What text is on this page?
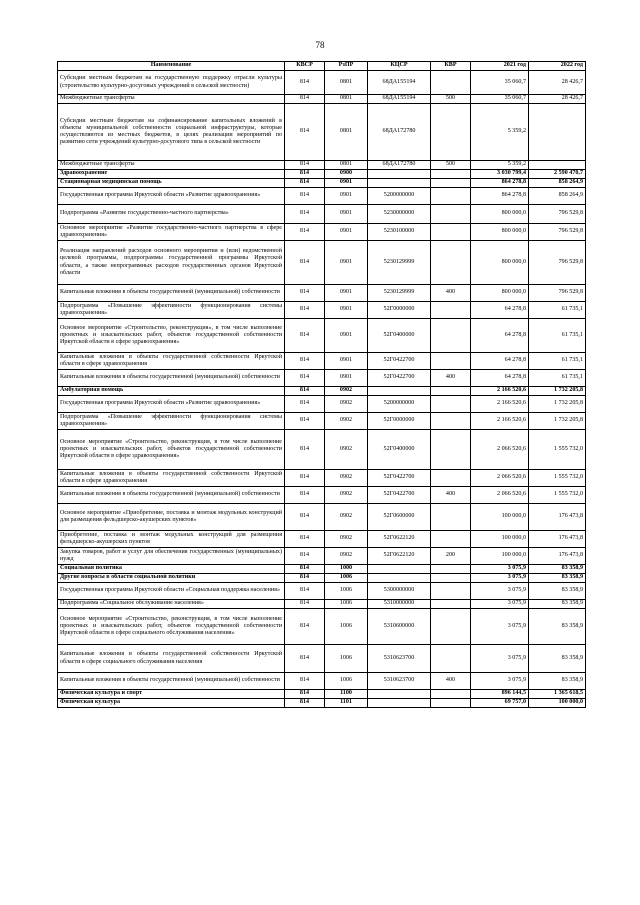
78
Наименование	КВСР	РзПР	КЦСР	КВР	2021 год	2022 год
Субсидии местным бюджетам на государственную поддержку отрасли культуры (строительство культурно-досуговых учреждений в сельской местности)	814	0801	68ДА155194		35 060,7	28 426,7
Межбюджетные трансферты	814	0801	68ДА155194	500	35 060,7	28 426,7
Субсидии местным бюджетам на софинансирование капитальных вложений в объекты муниципальной собственности социальной инфраструктуры, которые осуществляются из местных бюджетов, в целях реализации мероприятий по развитию сети учреждений культурно-досугового типа в сельской местности	814	0801	68ДА172780		5 359,2	
Межбюджетные трансферты	814	0801	68ДА172780	500	5 359,2	
Здравоохранение	814	0900			3 030 799,4	2 590 470,7
Стационарная медицинская помощь	814	0901			864 278,8	858 264,9
Государственная программа Иркутской области «Развитие здравоохранения»	814	0901	5200000000		864 278,8	858 264,9
Подпрограмма «Развитие государственно-частного партнерства»	814	0901	5230000000		800 000,0	796 529,8
Основное мероприятие «Развитие государственно-частного партнерства в сфере здравоохранения»	814	0901	5230100000		800 000,0	796 529,8
Реализация направлений расходов основного мероприятия и (или) ведомственной целевой программы, подпрограммы государственной программы Иркутской области, а также непрограммных расходов государственных органов Иркутской области	814	0901	5230129999		800 000,0	796 529,8
Капитальные вложения в объекты государственной (муниципальной) собственности	814	0901	5230129999	400	800 000,0	796 529,8
Подпрограмма «Повышение эффективности функционирования системы здравоохранения»	814	0901	52Г0000000		64 278,8	61 735,1
Основное мероприятие «Строительство, реконструкция», в том числе выполнение проектных и изыскательских работ, объектов государственной собственности Иркутской области в сфере здравоохранения»	814	0901	52Г0400000		64 278,8	61 735,1
Капитальные вложения в объекты государственной собственности Иркутской области в сфере здравоохранения	814	0901	52Г0422700		64 278,8	61 735,1
Капитальные вложения в объекты государственной (муниципальной) собственности	814	0901	52Г0422700	400	64 278,8	61 735,1
Амбулаторная помощь	814	0902			2 166 520,6	1 732 205,8
Государственная программа Иркутской области «Развитие здравоохранения»	814	0902	5200000000		2 166 520,6	1 732 205,8
Подпрограмма «Повышение эффективности функционирования системы здравоохранения»	814	0902	52Г0000000		2 166 520,6	1 732 205,8
Основное мероприятие «Строительство, реконструкция, в том числе выполнение проектных и изыскательских работ, объектов государственной собственности Иркутской области в сфере здравоохранения»	814	0902	52Г0400000		2 066 520,6	1 555 732,0
Капитальные вложения в объекты государственной собственности Иркутской области в сфере здравоохранения	814	0902	52Г0422700		2 066 520,6	1 555 732,0
Капитальные вложения в объекты государственной (муниципальной) собственности	814	0902	52Г0422700	400	2 066 520,6	1 555 732,0
Основное мероприятие «Приобретение, поставка и монтаж модульных конструкций для размещения фельдшерско-акушерских пунктов»	814	0902	52Г0600000		100 000,0	176 473,8
Приобретение, поставка и монтаж модульных конструкций для размещения фельдшерско-акушерских пунктов	814	0902	52Г0622120		100 000,0	176 473,8
Закупка товаров, работ и услуг для обеспечения государственных (муниципальных) нужд	814	0902	52Г0622120	200	100 000,0	176 473,8
Социальная политика	814	1000			3 075,9	83 358,9
Другие вопросы в области социальной политики	814	1006			3 075,9	83 358,9
Государственная программа Иркутской области «Социальная поддержка населения»	814	1006	5300000000		3 075,9	83 358,9
Подпрограмма «Социальное обслуживание населения»	814	1006	5310000000		3 075,9	83 358,9
Основное мероприятие «Строительство, реконструкция, в том числе выполнение проектных и изыскательских работ, объектов государственной собственности Иркутской области в сфере социального обслуживания населения»	814	1006	5310600000		3 075,9	83 358,9
Капитальные вложения в объекты государственной собственности Иркутской области в сфере социального обслуживания населения	814	1006	5310623700		3 075,9	83 358,9
Капитальные вложения в объекты государственной (муниципальной) собственности	814	1006	5310623700	400	3 075,9	83 358,9
Физическая культура и спорт	814	1100			896 144,5	1 365 618,5
Физическая культура	814	1101			69 757,0	100 000,0
